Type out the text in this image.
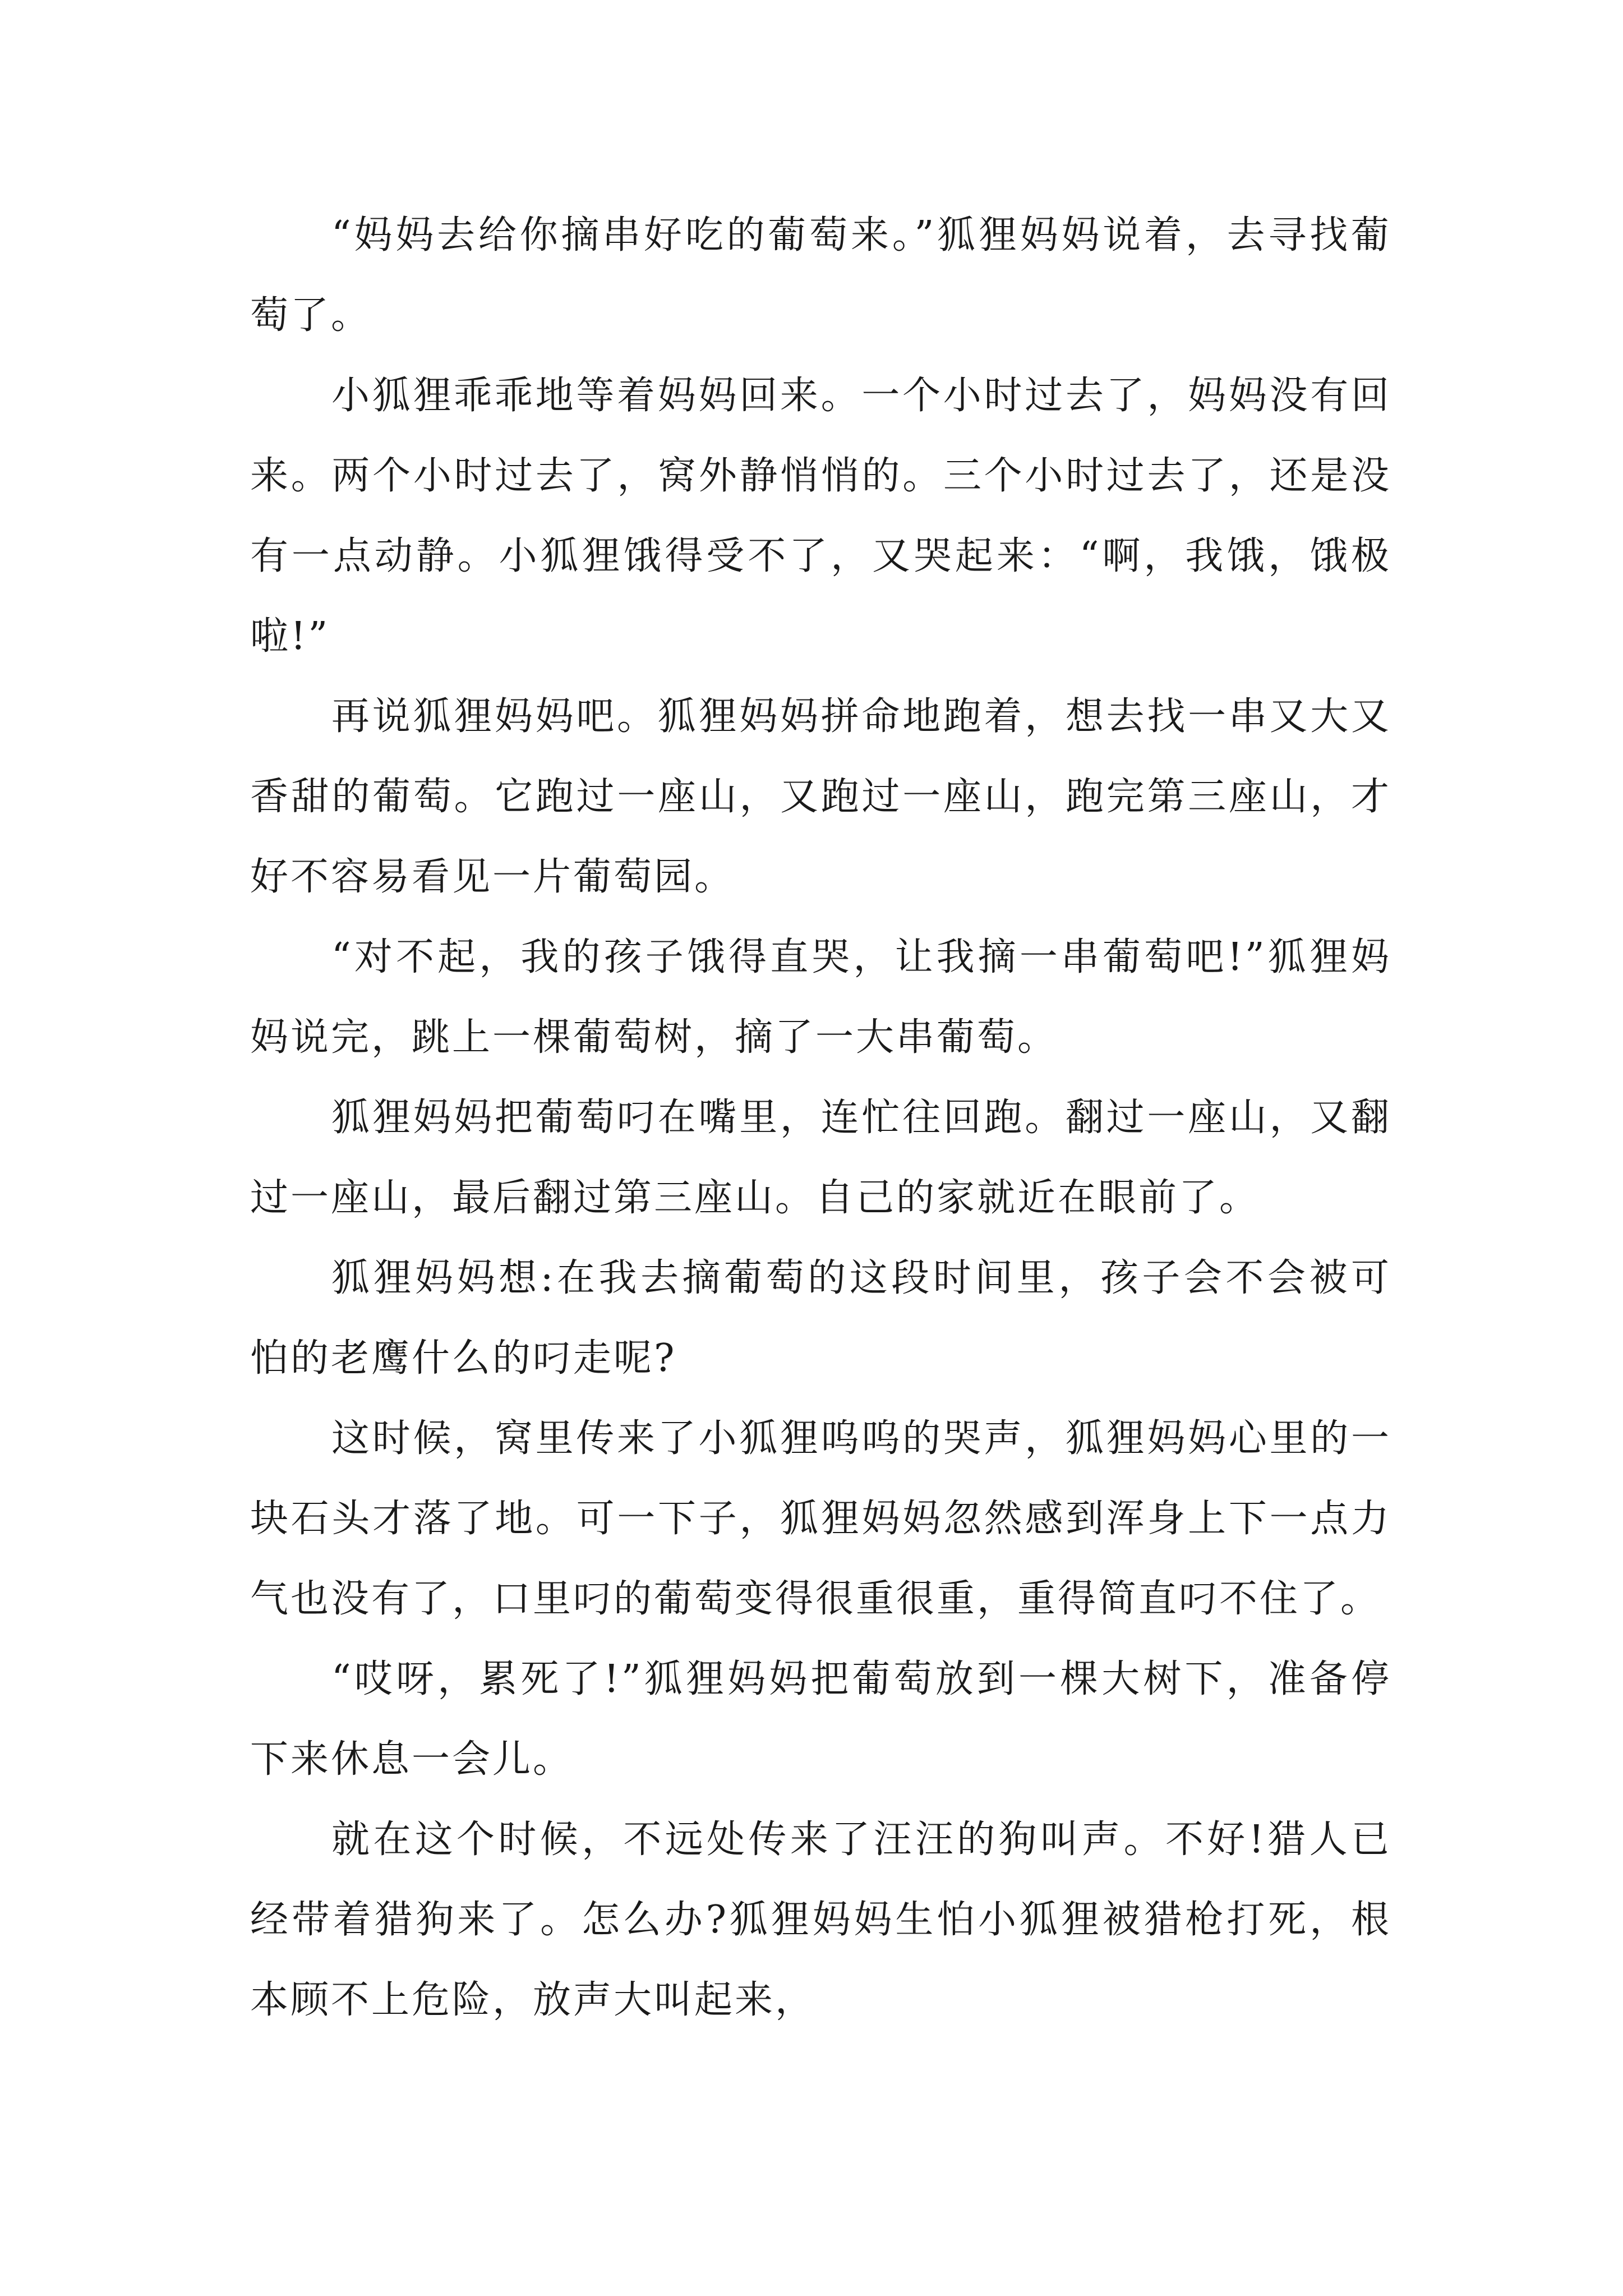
“妈妈去给你摘串好吃的葡萄来。”狐狸妈妈说着，去寻找葡萄了。

小狐狸乖乖地等着妈妈回来。一个小时过去了，妈妈没有回来。两个小时过去了，窝外静悄悄的。三个小时过去了，还是没有一点动静。小狐狸饿得受不了，又哭起来：“啊，我饿，饿极啦!”

再说狐狸妈妈吧。狐狸妈妈拼命地跑着，想去找一串又大又香甜的葡萄。它跑过一座山，又跑过一座山，跑完第三座山，才好不容易看见一片葡萄园。

“对不起，我的孩子饿得直哭，让我摘一串葡萄吧!”狐狸妈妈说完，跳上一棵葡萄树，摘了一大串葡萄。

狐狸妈妈把葡萄叼在嘴里，连忙往回跑。翻过一座山，又翻过一座山，最后翻过第三座山。自己的家就近在眼前了。

狐狸妈妈想:在我去摘葡萄的这段时间里，孩子会不会被可怕的老鹰什么的叼走呢?

这时候，窝里传来了小狐狸呜呜的哭声，狐狸妈妈心里的一块石头才落了地。可一下子，狐狸妈妈忽然感到浑身上下一点力气也没有了，口里叼的葡萄变得很重很重，重得简直叼不住了。

“哎呀，累死了!”狐狸妈妈把葡萄放到一棵大树下，准备停下来休息一会儿。

就在这个时候，不远处传来了汪汪的狗叫声。不好!猎人已经带着猎狗来了。怎么办?狐狸妈妈生怕小狐狸被猎枪打死，根本顾不上危险，放声大叫起来，
